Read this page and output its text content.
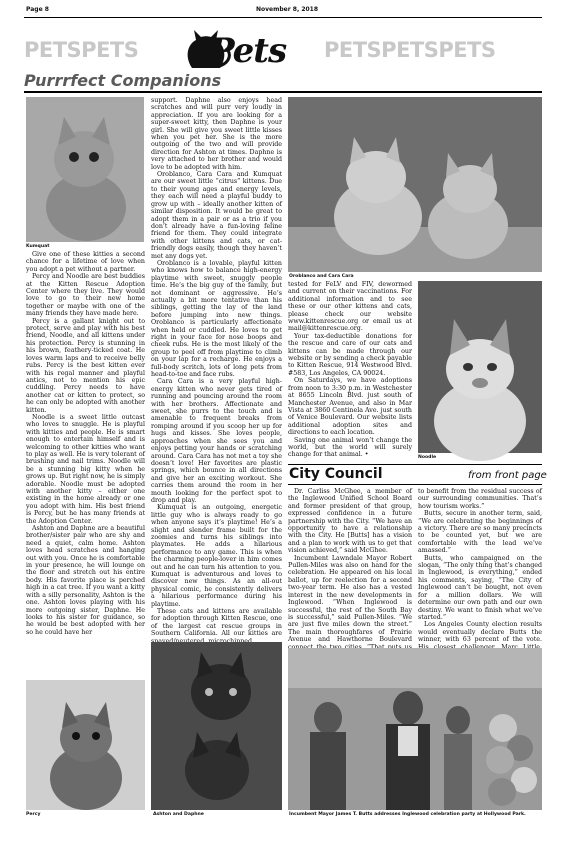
Page 8	November 8, 2018
PETSPETS Pets PETSPETSPETS
Purrrfect Companions
Kumquat

Give one of these kitties a second chance for a lifetime of love when you adopt a pet without a partner.

Percy and Noodle are best buddies at the Kitten Rescue Adoption Center where they live. They would love to go to their new home together or maybe with one of the many friends they have made here.

Percy is a gallant knight out to protect, serve and play with his best friend, Noodle, and all kittens under his protection. Percy is stunning in his brown, feathery-ticked coat. He loves warm laps and to receive belly rubs. Percy is the best kitten ever with his regal manner and playful antics, not to mention his epic cuddling. Percy needs to have another cat or kitten to protect, so he can only be adopted with another kitten.

Noodle is a sweet little outcast who loves to snuggle. He is playful with kitties and people. He is smart enough to entertain himself and is welcoming to other kitties who want to play as well. He is very tolerant of brushing and nail trims. Noodle will be a stunning big kitty when he grows up. But right now, he is simply adorable. Noodle must be adopted with another kitty – either one existing in the home already or one you adopt with him. His best friend is Percy, but he has many friends at the Adoption Center.

Ashton and Daphne are a beautiful brother/sister pair who are shy and need a quiet, calm home. Ashton loves head scratches and hanging out with you. Once he is comfortable in your presence, he will lounge on the floor and stretch out his entire body. His favorite place is perched high in a cat tree. If you want a kitty with a silly personality, Ashton is the one. Ashton loves playing with his more outgoing sister, Daphne. He looks to his sister for guidance, so he would be best adopted with her so he could have her

support. Daphne also enjoys head scratches and will purr very loudly in appreciation. If you are looking for a super-sweet kitty, then Daphne is your girl. She will give you sweet little kisses when you pet her. She is the more outgoing of the two and will provide direction for Ashton at times. Daphne is very attached to her brother and would love to be adopted with him.

Oroblanco, Cara Cara and Kumquat are our sweet little “citrus” kittens. Due to their young ages and energy levels, they each will need a playful buddy to grow up with – ideally another kitten of similar disposition. It would be great to adopt them in a pair or as a trio if you don’t already have a fun-loving feline friend for them. They could integrate with other kittens and cats, or cat-friendly dogs easily, though they haven’t met any dogs yet.

Oroblanco is a lovable, playful kitten who knows how to balance high-energy playtime with sweet, snuggly people time. He’s the big guy of the family, but not dominant or aggressive. He’s actually a bit more tentative than his siblings, getting the lay of the land before jumping into new things. Oroblanco is particularly affectionate when held or cuddled. He loves to get right in your face for nose boops and cheek rubs. He is the most likely of the group to peel off from playtime to climb on your lap for a recharge. He enjoys a full-body scritch, lots of long pets from head-to-toe and face rubs.

Cara Cara is a very playful high-energy kitten who never gets tired of running and pouncing around the room with her brothers. Affectionate and sweet, she purrs to the touch and is amenable to frequent breaks from romping around if you scoop her up for hugs and kisses. She loves people, approaches when she sees you and enjoys petting your hands or scratching around. Cara Cara has not met a toy she doesn’t love! Her favorites are plastic springs, which bounce in all directions and give her an exciting workout. She carries them around the room in her mouth looking for the perfect spot to drop and play.

Kumquat is an outgoing, energetic little guy who is always ready to go when anyone says it’s playtime! He’s a slight and slender frame built for the zoomies and turns his siblings into playmates. He adds a hilarious performance to any game. This is when the charming people-lover in him comes out and he can turn his attention to you. Kumquat is adventurous and loves to discover new things. As an all-out physical comic, he consistently delivers a hilarious performance during his playtime.

These cats and kittens are available for adoption through Kitten Rescue, one of the largest cat rescue groups in Southern California. All our kitties are

Oroblanco and Cara Cara

tested for FeLV and FIV, dewormed and current on their vaccinations. For additional information and to see these or our other kittens and cats, please check our website www.kittenrescue.org or email us at mail@kittenrescue.org.

Your tax-deductible donations for the rescue and care of our cats and kittens can be made through our website or by sending a check payable to Kitten Rescue, 914 Westwood Blvd. #583, Los Angeles, CA 90024.

On Saturdays, we have adoptions from noon to 3:30 p.m. in Westchester at 8655 Lincoln Blvd. just south of Manchester Avenue, and also in Mar Vista at 3860 Centinela Ave. just south of Venice Boulevard. Our website lists additional adoption sites and directions to each location.

Saving one animal won’t change the world, but the world will surely change for that animal. •	Noodle
City Council	from front page

Dr. Carliss McGhee, a member of the Inglewood Unified School Board and former president of that group, expressed confidence in a future partnership with the City. “We have an opportunity to have a relationship with the City. He [Butts] has a vision and a plan to work with us to get that vision achieved,” said McGhee.

Incumbent Lawndale Mayor Robert Pullen-Miles was also on hand for the celebration. He appeared on his local ballot, up for reelection for a second two-year term. He also has a vested interest in the new developments in Inglewood. “When Inglewood is successful, the rest of the South Bay is successful,” said Pullen-Miles. “We are just five miles down the street.” The main thoroughfares of Prairie Avenue and Hawthorne Boulevard

to benefit from the residual success of our surrounding communities. That’s how tourism works.”

Butts, secure in another term, said, “We are celebrating the beginnings of a victory. There are so many precincts to be counted yet, but we are comfortable with the lead we’ve amassed.”

Butts, who campaigned on the slogan, “The only thing that’s changed in Inglewood, is everything,” ended his comments, saying, “The City of Inglewood can’t be bought, not even for a million dollars. We will determine our own path and our own destiny. We want to finish what we’ve started.”

Los Angeles County election results would eventually declare Butts the winner, with 63 percent of the vote.

Percy	Ashton and Daphne	Incumbent Mayor James T. Butts addresses Inglewood celebration party at Hollywood Park.
